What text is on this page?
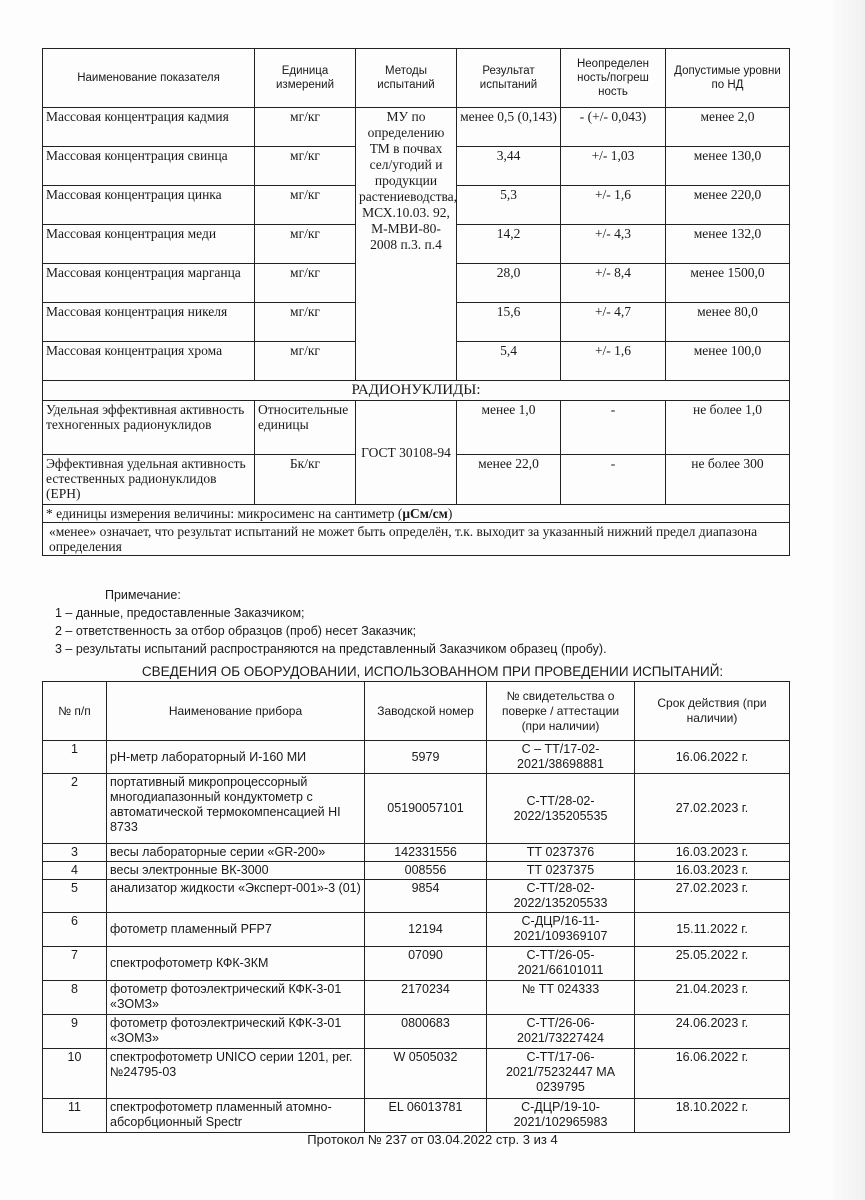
Наименование показателя	Единица измерений	Методы испытаний	Результат испытаний	Неопределен ность/погреш ность	Допустимые уровни по НД
Массовая концентрация кадмия	мг/кг	МУ по определению ТМ в почвах сел/угодий и продукции растениеводства, МСХ.10.03. 92, М-МВИ-80-2008 п.3. п.4	менее 0,5 (0,143)	- (+/- 0,043)	менее 2,0
Массовая концентрация свинца	мг/кг		3,44	+/- 1,03	менее 130,0
Массовая концентрация цинка	мг/кг		5,3	+/- 1,6	менее 220,0
Массовая концентрация меди	мг/кг		14,2	+/- 4,3	менее 132,0
Массовая концентрация марганца	мг/кг		28,0	+/- 8,4	менее 1500,0
Массовая концентрация никеля	мг/кг		15,6	+/- 4,7	менее 80,0
Массовая концентрация хрома	мг/кг		5,4	+/- 1,6	менее 100,0
РАДИОНУКЛИДЫ:					
Удельная эффективная активность техногенных радионуклидов	Относительные единицы	ГОСТ 30108-94	менее 1,0	-	не более 1,0
Эффективная удельная активность естественных радионуклидов (ЕРН)	Бк/кг		менее 22,0	-	не более 300
* единицы измерения величины: микросименс на сантиметр (μСм/см)					
«менее» означает, что результат испытаний не может быть определён, т.к. выходит за указанный нижний предел диапазона определения					
Примечание:
1 – данные, предоставленные Заказчиком;
2 – ответственность за отбор образцов (проб) несет Заказчик;
3 – результаты испытаний распространяются на представленный Заказчиком образец (пробу).
СВЕДЕНИЯ ОБ ОБОРУДОВАНИИ, ИСПОЛЬЗОВАННОМ ПРИ ПРОВЕДЕНИИ ИСПЫТАНИЙ:
№ п/п	Наименование прибора	Заводской номер	№ свидетельства о поверке / аттестации (при наличии)	Срок действия (при наличии)
1	pH-метр лабораторный И-160 МИ	5979	С – ТТ/17-02-2021/38698881	16.06.2022 г.
2	портативный микропроцессорный многодиапазонный кондуктометр с автоматической термокомпенсацией HI 8733	05190057101	С-ТТ/28-02-2022/135205535	27.02.2023 г.
3	весы лабораторные серии «GR-200»	142331556	ТТ 0237376	16.03.2023 г.
4	весы электронные ВК-3000	008556	ТТ 0237375	16.03.2023 г.
5	анализатор жидкости «Эксперт-001»-3 (01)	9854	С-ТТ/28-02-2022/135205533	27.02.2023 г.
6	фотометр пламенный PFP7	12194	С-ДЦР/16-11-2021/109369107	15.11.2022 г.
7	спектрофотометр КФК-3КМ	07090	С-ТТ/26-05-2021/66101011	25.05.2022 г.
8	фотометр фотоэлектрический КФК-3-01 «ЗОМЗ»	2170234	№ ТТ 024333	21.04.2023 г.
9	фотометр фотоэлектрический КФК-3-01 «ЗОМЗ»	0800683	С-ТТ/26-06-2021/73227424	24.06.2023 г.
10	спектрофотометр UNICO серии 1201, рег. №24795-03	W 0505032	С-ТТ/17-06-2021/75232447 МА 0239795	16.06.2022 г.
11	спектрофотометр пламенный атомно-абсорбционный Spectr	EL 06013781	С-ДЦР/19-10-2021/102965983	18.10.2022 г.
Протокол № 237 от 03.04.2022 стр. 3 из 4
